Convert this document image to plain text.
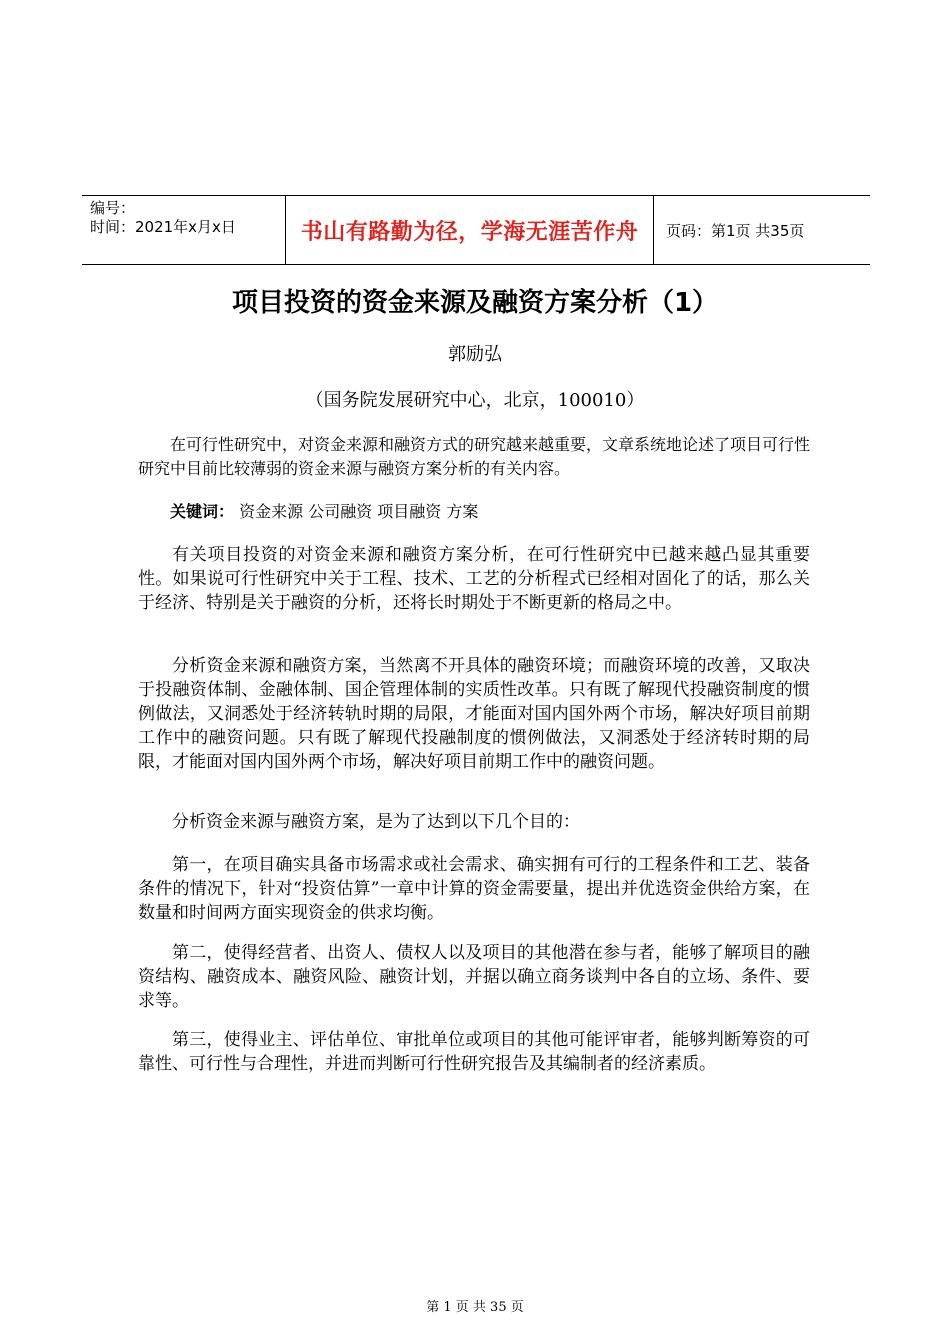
编号：
时间：2021年x月x日	书山有路勤为径，学海无涯苦作舟	页码：第1页 共35页
项目投资的资金来源及融资方案分析（1）
郭励弘
（国务院发展研究中心，北京，100010）
在可行性研究中，对资金来源和融资方式的研究越来越重要，文章系统地论述了项目可行性研究中目前比较薄弱的资金来源与融资方案分析的有关内容。
关键词： 资金来源 公司融资 项目融资 方案
有关项目投资的对资金来源和融资方案分析，在可行性研究中已越来越凸显其重要性。如果说可行性研究中关于工程、技术、工艺的分析程式已经相对固化了的话，那么关于经济、特别是关于融资的分析，还将长时期处于不断更新的格局之中。
分析资金来源和融资方案，当然离不开具体的融资环境；而融资环境的改善，又取决于投融资体制、金融体制、国企管理体制的实质性改革。只有既了解现代投融资制度的惯例做法，又洞悉处于经济转轨时期的局限，才能面对国内国外两个市场，解决好项目前期工作中的融资问题。只有既了解现代投融制度的惯例做法，又洞悉处于经济转时期的局限，才能面对国内国外两个市场，解决好项目前期工作中的融资问题。
分析资金来源与融资方案，是为了达到以下几个目的：
第一，在项目确实具备市场需求或社会需求、确实拥有可行的工程条件和工艺、装备条件的情况下，针对“投资估算”一章中计算的资金需要量，提出并优选资金供给方案，在数量和时间两方面实现资金的供求均衡。
第二，使得经营者、出资人、债权人以及项目的其他潜在参与者，能够了解项目的融资结构、融资成本、融资风险、融资计划，并据以确立商务谈判中各自的立场、条件、要求等。
第三，使得业主、评估单位、审批单位或项目的其他可能评审者，能够判断筹资的可靠性、可行性与合理性，并进而判断可行性研究报告及其编制者的经济素质。
第 1 页 共 35 页
